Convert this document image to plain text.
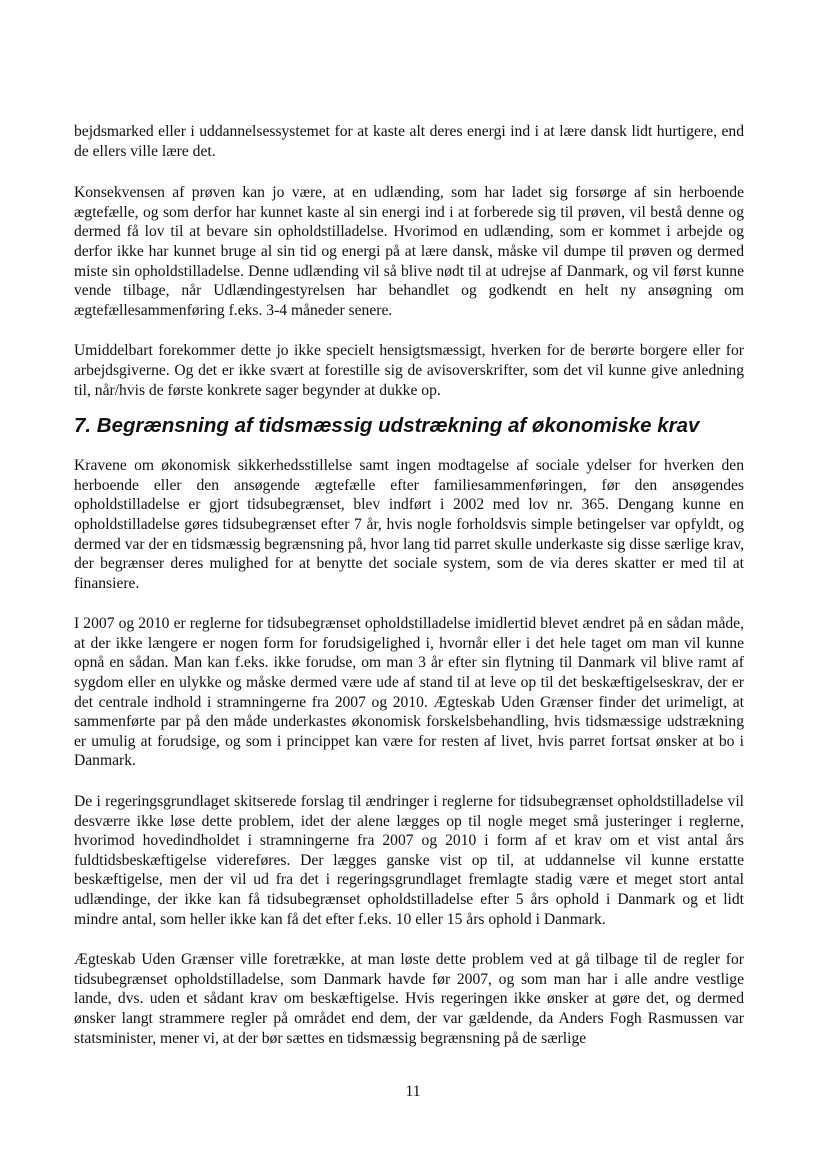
bejdsmarked eller i uddannelsessystemet for at kaste alt deres energi ind i at lære dansk lidt hurtigere, end de ellers ville lære det.

Konsekvensen af prøven kan jo være, at en udlænding, som har ladet sig forsørge af sin herboende ægtefælle, og som derfor har kunnet kaste al sin energi ind i at forberede sig til prøven, vil bestå denne og dermed få lov til at bevare sin opholdstilladelse. Hvorimod en udlænding, som er kommet i arbejde og derfor ikke har kunnet bruge al sin tid og energi på at lære dansk, måske vil dumpe til prøven og dermed miste sin opholdstilladelse. Denne udlænding vil så blive nødt til at udrejse af Danmark, og vil først kunne vende tilbage, når Udlændingestyrelsen har behandlet og godkendt en helt ny ansøgning om ægtefællesammenføring f.eks. 3-4 måneder senere.

Umiddelbart forekommer dette jo ikke specielt hensigtsmæssigt, hverken for de berørte borgere eller for arbejdsgiverne. Og det er ikke svært at forestille sig de avisoverskrifter, som det vil kunne give anledning til, når/hvis de første konkrete sager begynder at dukke op.

7. Begrænsning af tidsmæssig udstrækning af økonomiske krav

Kravene om økonomisk sikkerhedsstillelse samt ingen modtagelse af sociale ydelser for hverken den herboende eller den ansøgende ægtefælle efter familiesammenføringen, før den ansøgendes opholdstilladelse er gjort tidsubegrænset, blev indført i 2002 med lov nr. 365. Dengang kunne en opholdstilladelse gøres tidsubegrænset efter 7 år, hvis nogle forholdsvis simple betingelser var opfyldt, og dermed var der en tidsmæssig begrænsning på, hvor lang tid parret skulle underkaste sig disse særlige krav, der begrænser deres mulighed for at benytte det sociale system, som de via deres skatter er med til at finansiere.

I 2007 og 2010 er reglerne for tidsubegrænset opholdstilladelse imidlertid blevet ændret på en sådan måde, at der ikke længere er nogen form for forudsigelighed i, hvornår eller i det hele taget om man vil kunne opnå en sådan. Man kan f.eks. ikke forudse, om man 3 år efter sin flytning til Danmark vil blive ramt af sygdom eller en ulykke og måske dermed være ude af stand til at leve op til det beskæftigelseskrav, der er det centrale indhold i stramningerne fra 2007 og 2010. Ægteskab Uden Grænser finder det urimeligt, at sammenførte par på den måde underkastes økonomisk forskelsbehandling, hvis tidsmæssige udstrækning er umulig at forudsige, og som i princippet kan være for resten af livet, hvis parret fortsat ønsker at bo i Danmark.

De i regeringsgrundlaget skitserede forslag til ændringer i reglerne for tidsubegrænset opholdstilladelse vil desværre ikke løse dette problem, idet der alene lægges op til nogle meget små justeringer i reglerne, hvorimod hovedindholdet i stramningerne fra 2007 og 2010 i form af et krav om et vist antal års fuldtidsbeskæftigelse videreføres. Der lægges ganske vist op til, at uddannelse vil kunne erstatte beskæftigelse, men der vil ud fra det i regeringsgrundlaget fremlagte stadig være et meget stort antal udlændinge, der ikke kan få tidsubegrænset opholdstilladelse efter 5 års ophold i Danmark og et lidt mindre antal, som heller ikke kan få det efter f.eks. 10 eller 15 års ophold i Danmark.

Ægteskab Uden Grænser ville foretrække, at man løste dette problem ved at gå tilbage til de regler for tidsubegrænset opholdstilladelse, som Danmark havde før 2007, og som man har i alle andre vestlige lande, dvs. uden et sådant krav om beskæftigelse. Hvis regeringen ikke ønsker at gøre det, og dermed ønsker langt strammere regler på området end dem, der var gældende, da Anders Fogh Rasmussen var statsminister, mener vi, at der bør sættes en tidsmæssig begrænsning på de særlige

11
